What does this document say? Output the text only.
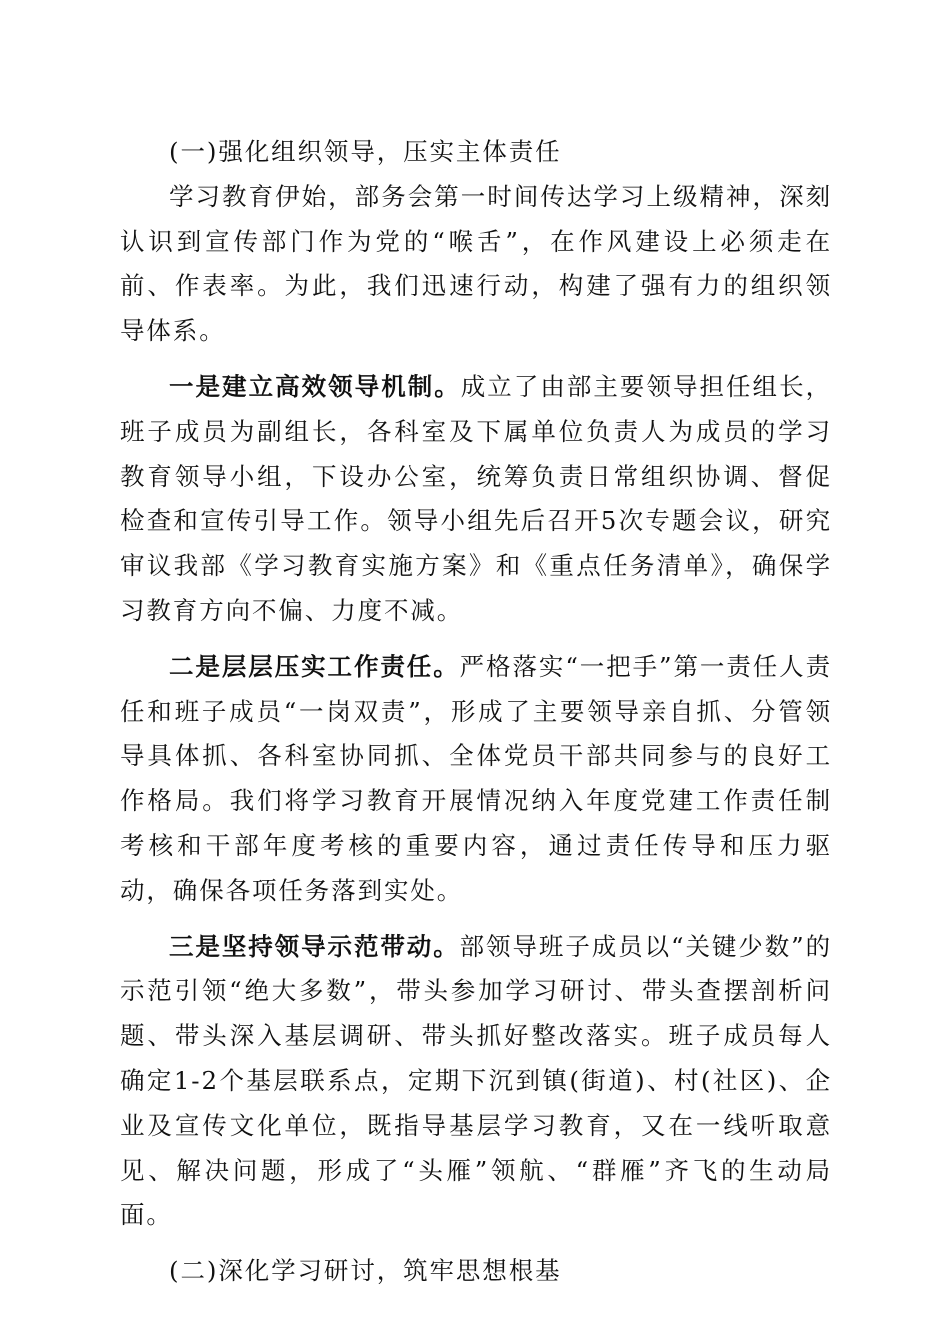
(一)强化组织领导，压实主体责任

学习教育伊始，部务会第一时间传达学习上级精神，深刻认识到宣传部门作为党的“喉舌”，在作风建设上必须走在前、作表率。为此，我们迅速行动，构建了强有力的组织领导体系。

一是建立高效领导机制。成立了由部主要领导担任组长，班子成员为副组长，各科室及下属单位负责人为成员的学习教育领导小组，下设办公室，统筹负责日常组织协调、督促检查和宣传引导工作。领导小组先后召开5次专题会议，研究审议我部《学习教育实施方案》和《重点任务清单》，确保学习教育方向不偏、力度不减。

二是层层压实工作责任。严格落实“一把手”第一责任人责任和班子成员“一岗双责”，形成了主要领导亲自抓、分管领导具体抓、各科室协同抓、全体党员干部共同参与的良好工作格局。我们将学习教育开展情况纳入年度党建工作责任制考核和干部年度考核的重要内容，通过责任传导和压力驱动，确保各项任务落到实处。

三是坚持领导示范带动。部领导班子成员以“关键少数”的示范引领“绝大多数”，带头参加学习研讨、带头查摆剖析问题、带头深入基层调研、带头抓好整改落实。班子成员每人确定1-2个基层联系点，定期下沉到镇(街道)、村(社区)、企业及宣传文化单位，既指导基层学习教育，又在一线听取意见、解决问题，形成了“头雁”领航、“群雁”齐飞的生动局面。

(二)深化学习研讨，筑牢思想根基
